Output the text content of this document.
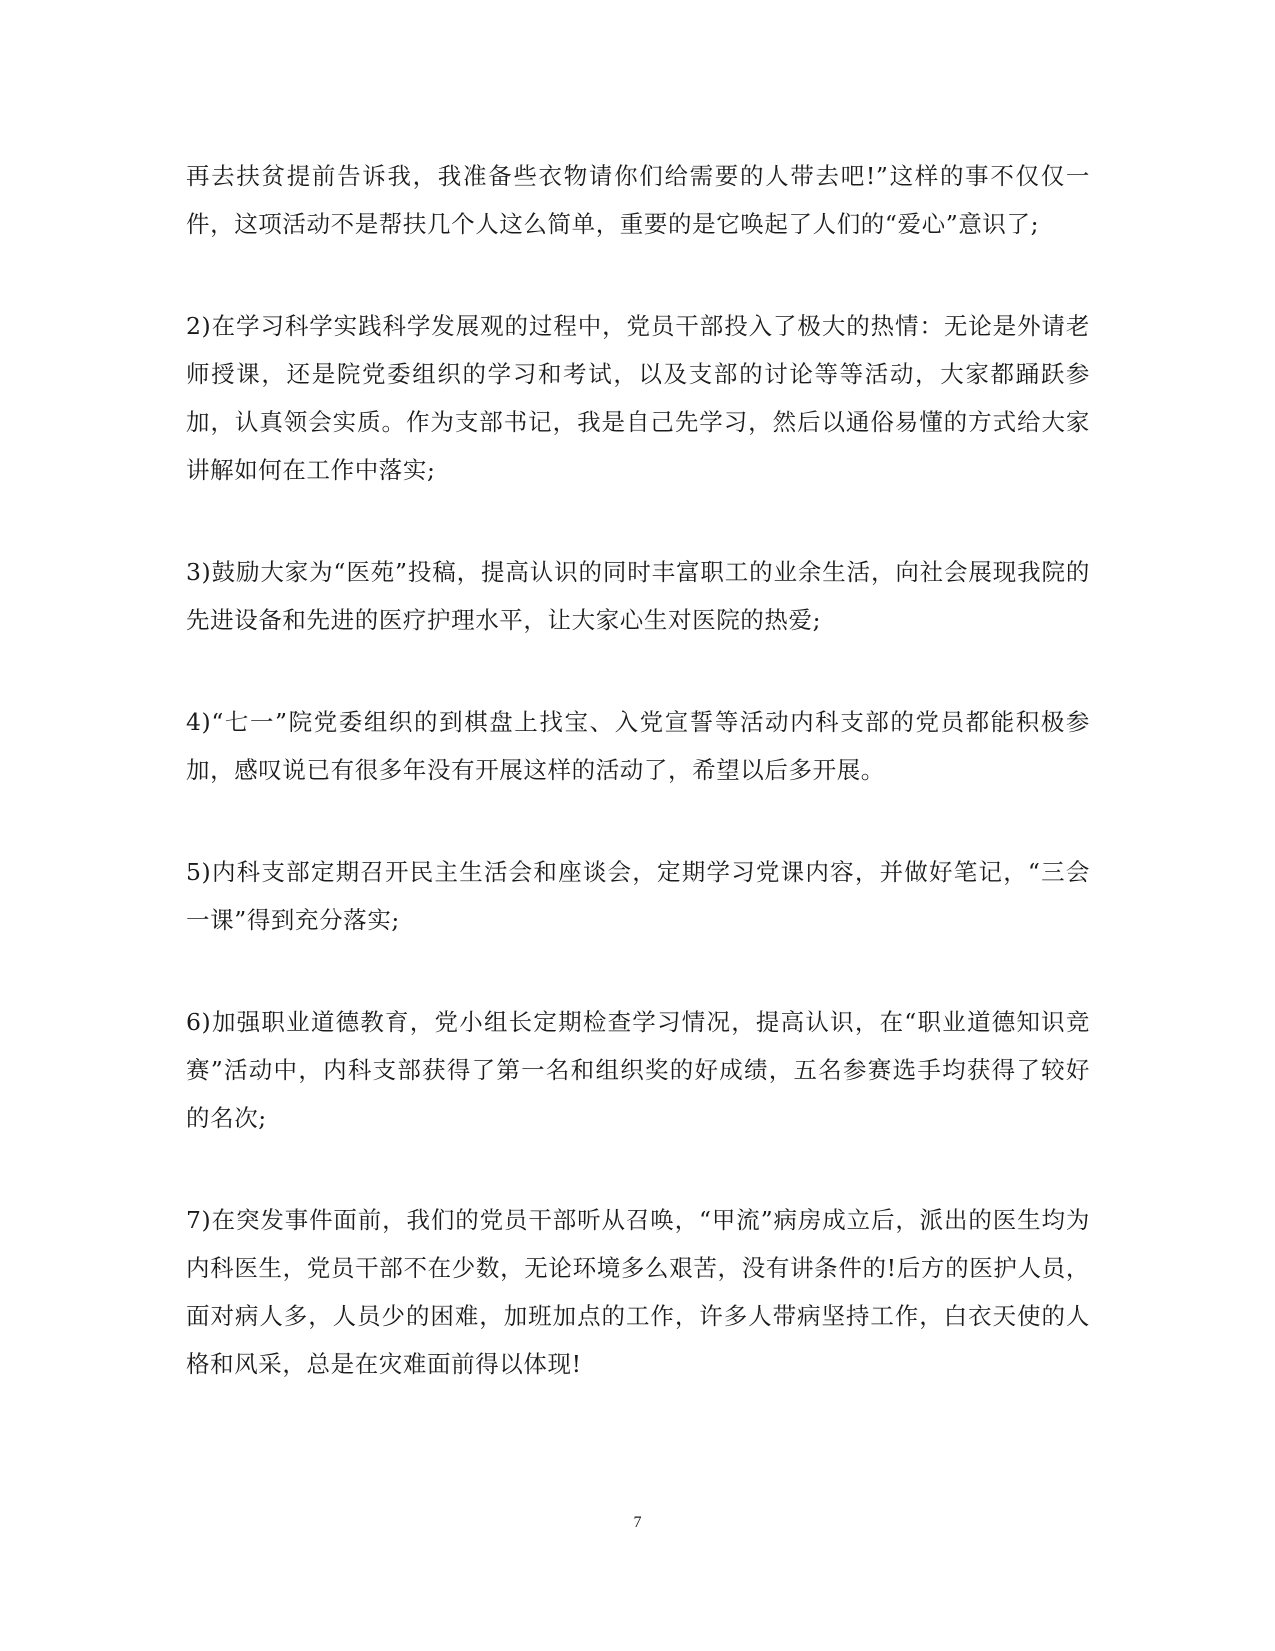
再去扶贫提前告诉我，我准备些衣物请你们给需要的人带去吧!”这样的事不仅仅一件，这项活动不是帮扶几个人这么简单，重要的是它唤起了人们的“爱心”意识了;

2)在学习科学实践科学发展观的过程中，党员干部投入了极大的热情：无论是外请老师授课，还是院党委组织的学习和考试，以及支部的讨论等等活动，大家都踊跃参加，认真领会实质。作为支部书记，我是自己先学习，然后以通俗易懂的方式给大家讲解如何在工作中落实;

3)鼓励大家为“医苑”投稿，提高认识的同时丰富职工的业余生活，向社会展现我院的先进设备和先进的医疗护理水平，让大家心生对医院的热爱;

4)“七一”院党委组织的到棋盘上找宝、入党宣誓等活动内科支部的党员都能积极参加，感叹说已有很多年没有开展这样的活动了，希望以后多开展。

5)内科支部定期召开民主生活会和座谈会，定期学习党课内容，并做好笔记，“三会一课”得到充分落实;

6)加强职业道德教育，党小组长定期检查学习情况，提高认识，在“职业道德知识竞赛”活动中，内科支部获得了第一名和组织奖的好成绩，五名参赛选手均获得了较好的名次;

7)在突发事件面前，我们的党员干部听从召唤，“甲流”病房成立后，派出的医生均为内科医生，党员干部不在少数，无论环境多么艰苦，没有讲条件的!后方的医护人员，面对病人多，人员少的困难，加班加点的工作，许多人带病坚持工作，白衣天使的人格和风采，总是在灾难面前得以体现!

7
